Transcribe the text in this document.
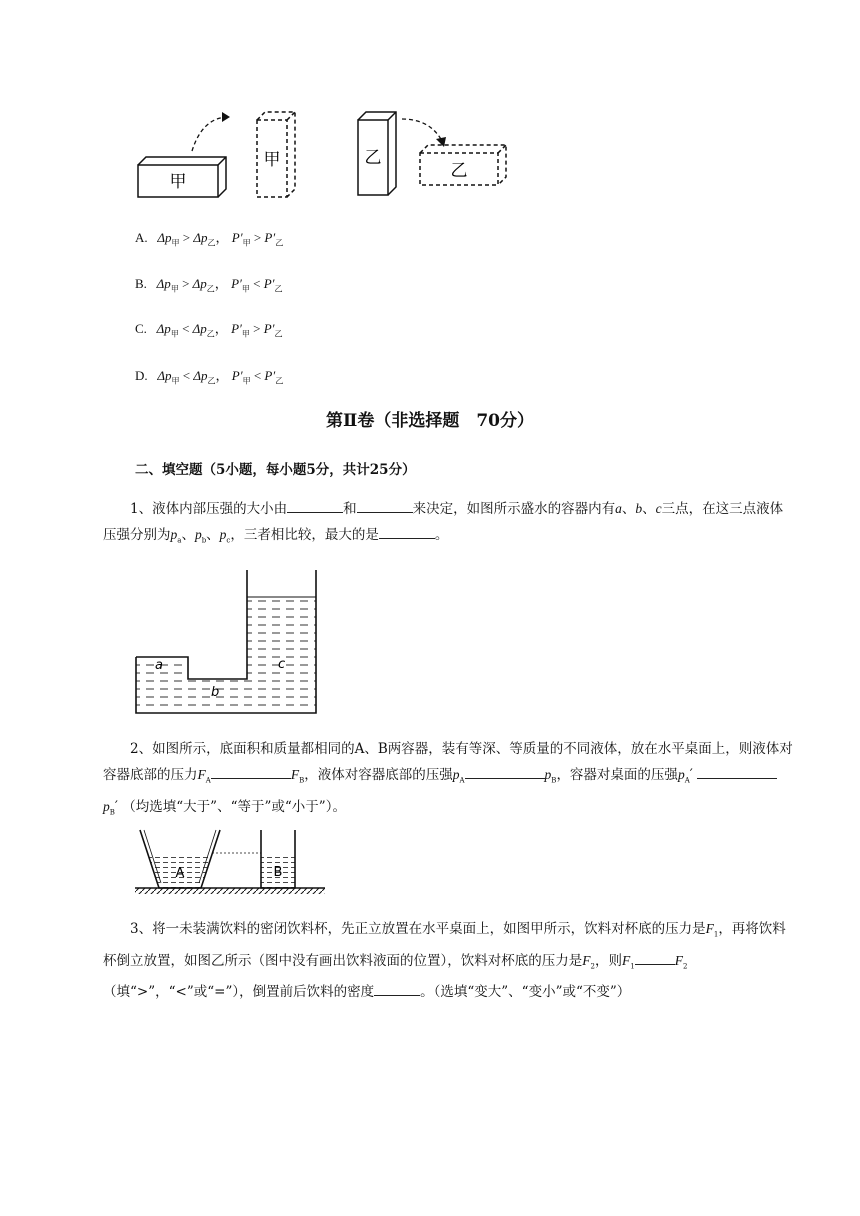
甲
甲	乙
乙
A. $\Delta p_甲 > \Delta p_乙$， $P'_甲 > P'_乙$
B. $\Delta p_甲 > \Delta p_乙$， $P'_甲 < P'_乙$
C. $\Delta p_甲 < \Delta p_乙$， $P'_甲 > P'_乙$
D. $\Delta p_甲 < \Delta p_乙$， $P'_甲 < P'_乙$
第Ⅱ卷（非选择题　70分）
二、填空题（5小题，每小题5分，共计25分）
1、液体内部压强的大小由	和	来决定，如图所示盛水的容器内有a、b、c三点，在这三点液体压强分别为$p_a$、$p_b$、$p_c$，三者相比较，最大的是	。
a
b
c
2、如图所示，底面积和质量都相同的A、B两容器，装有等深、等质量的不同液体，放在水平桌面上，则液体对容器底部的压力$F_A$	$F_B$，液体对容器底部的压强$p_A$	$p_B$，容器对桌面的压强$p_A'$ $p_B'$ （均选填“大于”、“等于”或“小于”）。
A	B
3、将一未装满饮料的密闭饮料杯，先正立放置在水平桌面上，如图甲所示，饮料对杯底的压力是$F_1$，再将饮料杯倒立放置，如图乙所示（图中没有画出饮料液面的位置），饮料对杯底的压力是$F_2$，则$F_1$	$F_2$（填“>”，“<”或“=”），倒置前后饮料的密度	。（选填“变大”、“变小”或“不变”）
